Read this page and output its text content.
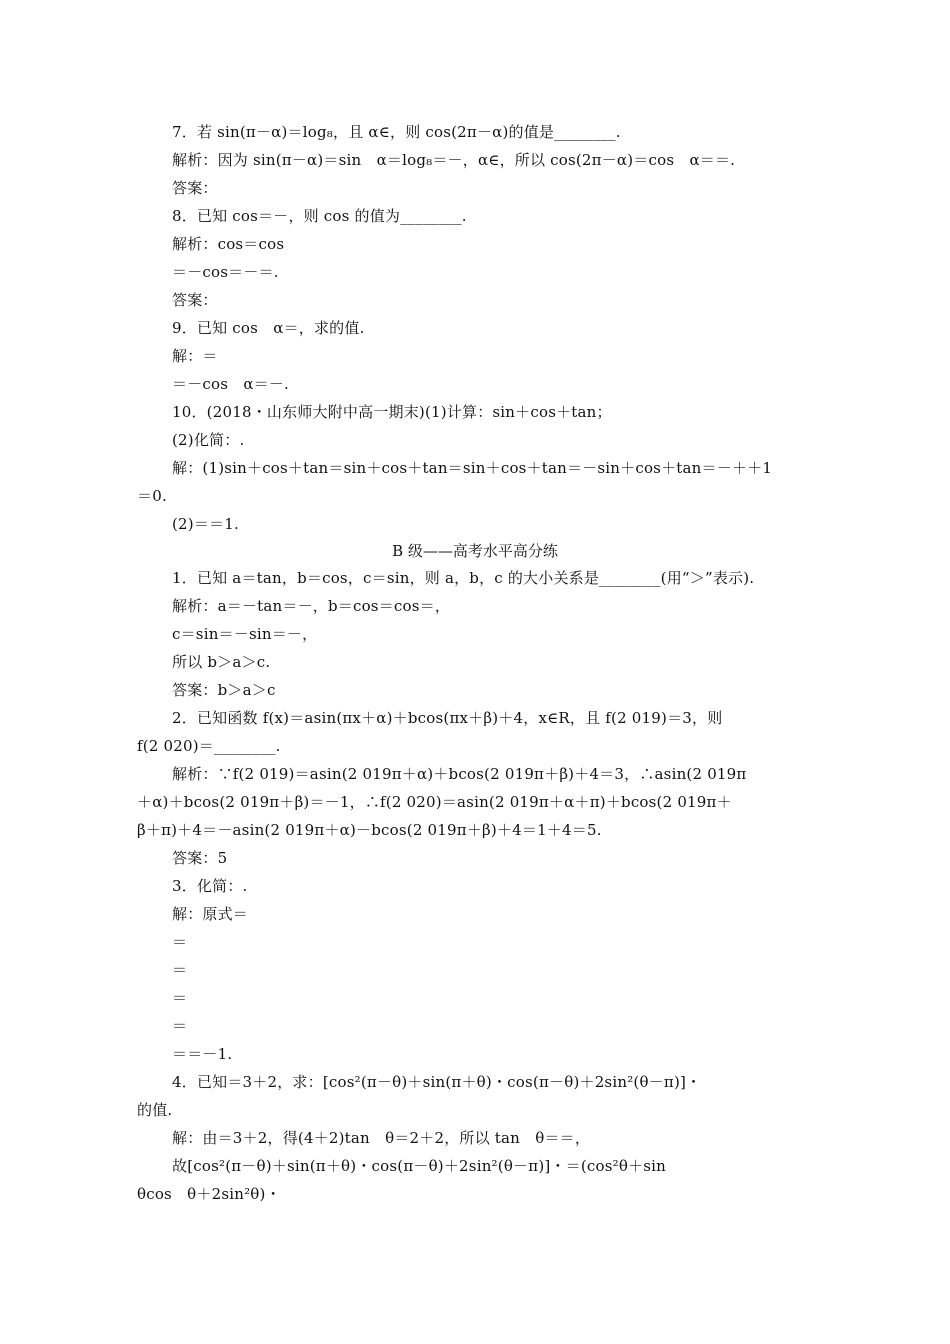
7．若 sin(π－α)＝log₈，且 α∈，则 cos(2π－α)的值是________.
解析：因为 sin(π－α)＝sin　α＝log₈＝－，α∈，所以 cos(2π－α)＝cos　α＝＝.
答案：
8．已知 cos＝－，则 cos 的值为________.
解析：cos＝cos
＝－cos＝－＝.
答案：
9．已知 cos　α＝，求的值.
解：＝
＝－cos　α＝－.
10．(2018・山东师大附中高一期末)(1)计算：sin＋cos＋tan；
(2)化简：.
解：(1)sin＋cos＋tan＝sin＋cos＋tan＝sin＋cos＋tan＝－sin＋cos＋tan＝－＋＋1
＝0.
(2)＝＝1.
B 级——高考水平高分练
1．已知 a＝tan，b＝cos，c＝sin，则 a，b，c 的大小关系是________(用“＞”表示).
解析：a＝－tan＝－，b＝cos＝cos＝，
c＝sin＝－sin＝－，
所以 b＞a＞c.
答案：b＞a＞c
2．已知函数 f(x)＝asin(πx＋α)＋bcos(πx＋β)＋4，x∈R，且 f(2 019)＝3，则
f(2 020)＝________.
解析：∵f(2 019)＝asin(2 019π＋α)＋bcos(2 019π＋β)＋4＝3，∴asin(2 019π
＋α)＋bcos(2 019π＋β)＝－1，∴f(2 020)＝asin(2 019π＋α＋π)＋bcos(2 019π＋
β＋π)＋4＝－asin(2 019π＋α)－bcos(2 019π＋β)＋4＝1＋4＝5.
答案：5
3．化简：.
解：原式＝
＝
＝
＝
＝
＝＝－1.
4．已知＝3＋2，求：[cos²(π－θ)＋sin(π＋θ)・cos(π－θ)＋2sin²(θ－π)]・
的值.
解：由＝3＋2，得(4＋2)tan　θ＝2＋2，所以 tan　θ＝＝，
故[cos²(π－θ)＋sin(π＋θ)・cos(π－θ)＋2sin²(θ－π)]・＝(cos²θ＋sin
θcos　θ＋2sin²θ)・
